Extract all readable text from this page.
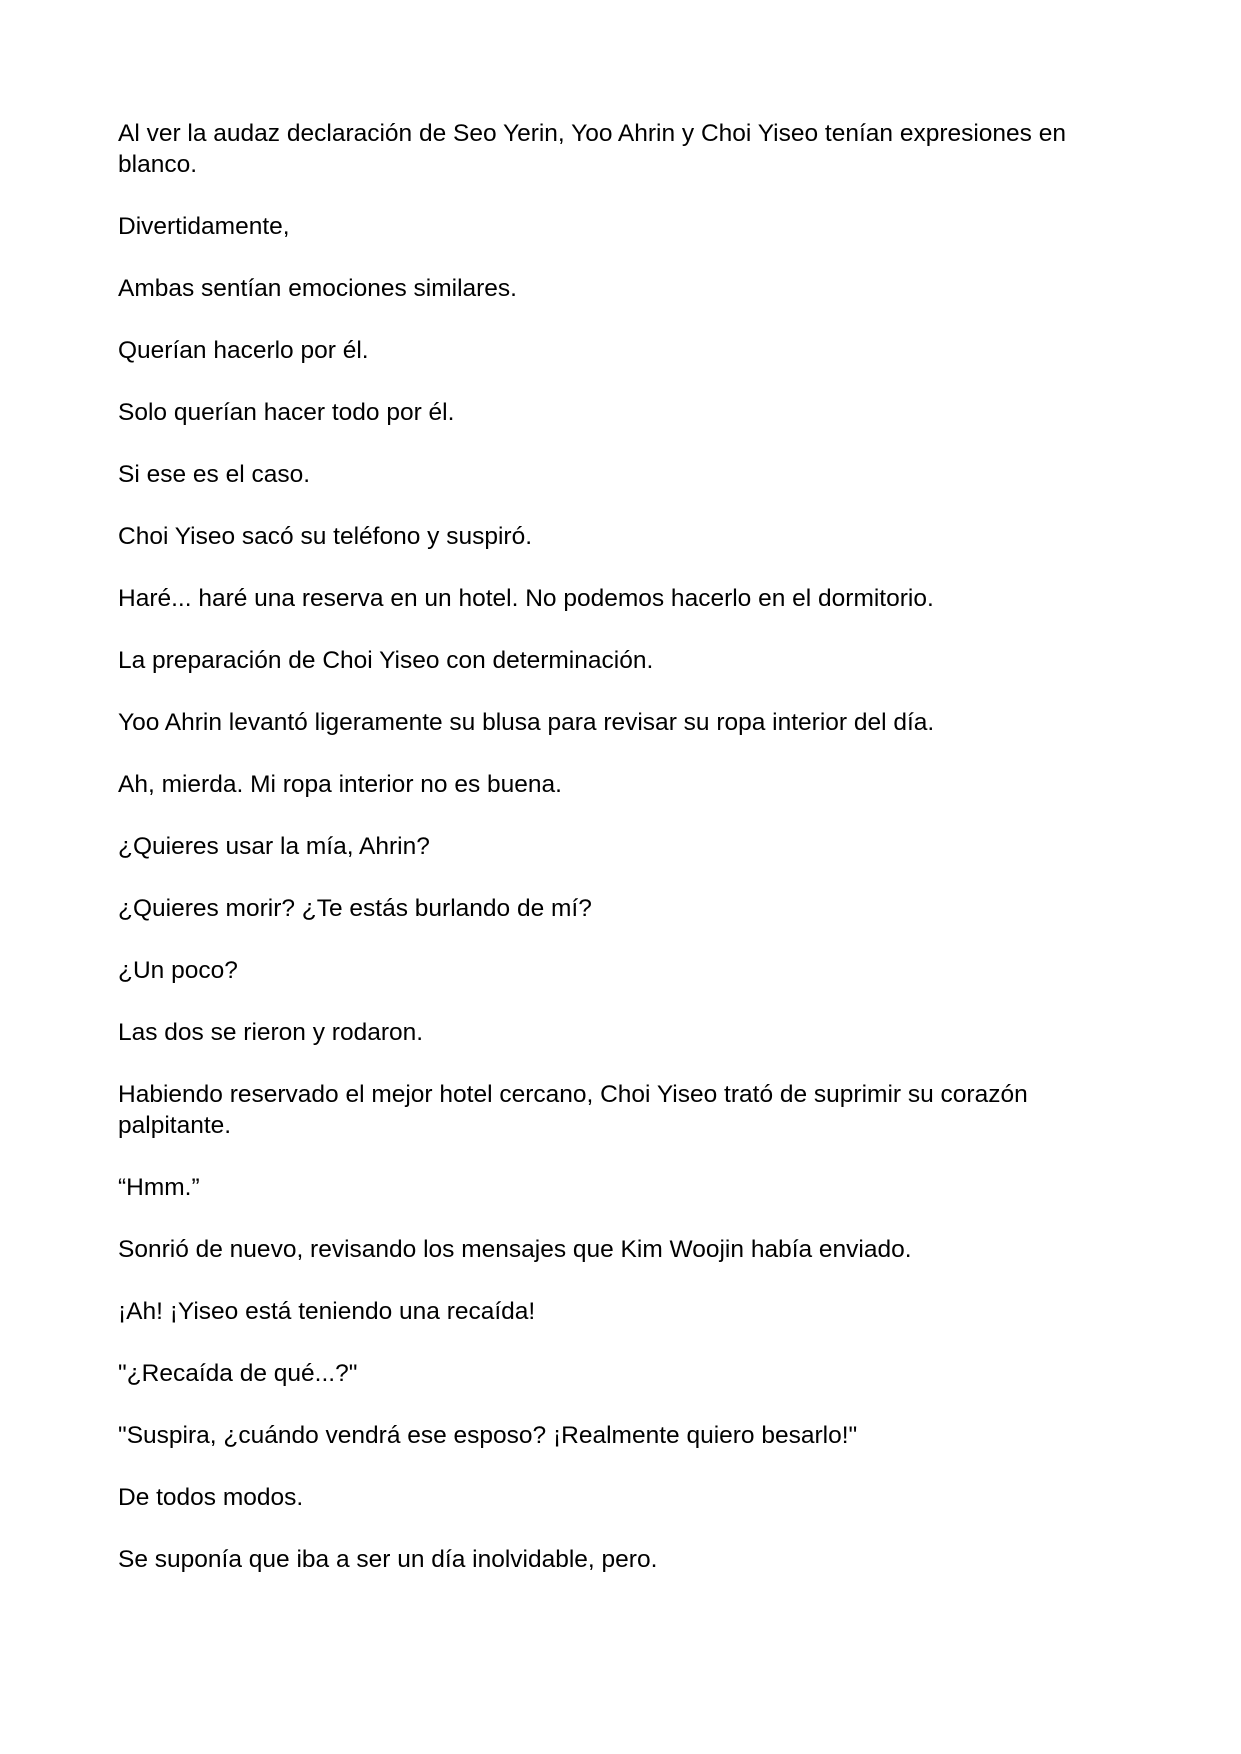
Al ver la audaz declaración de Seo Yerin, Yoo Ahrin y Choi Yiseo tenían expresiones en blanco.

Divertidamente,

Ambas sentían emociones similares.

Querían hacerlo por él.

Solo querían hacer todo por él.

Si ese es el caso.

Choi Yiseo sacó su teléfono y suspiró.

Haré... haré una reserva en un hotel. No podemos hacerlo en el dormitorio.

La preparación de Choi Yiseo con determinación.

Yoo Ahrin levantó ligeramente su blusa para revisar su ropa interior del día.

Ah, mierda. Mi ropa interior no es buena.

¿Quieres usar la mía, Ahrin?

¿Quieres morir? ¿Te estás burlando de mí?

¿Un poco?

Las dos se rieron y rodaron.

Habiendo reservado el mejor hotel cercano, Choi Yiseo trató de suprimir su corazón palpitante.

“Hmm.”

Sonrió de nuevo, revisando los mensajes que Kim Woojin había enviado.

¡Ah! ¡Yiseo está teniendo una recaída!

"¿Recaída de qué...?"

"Suspira, ¿cuándo vendrá ese esposo? ¡Realmente quiero besarlo!"

De todos modos.

Se suponía que iba a ser un día inolvidable, pero.
